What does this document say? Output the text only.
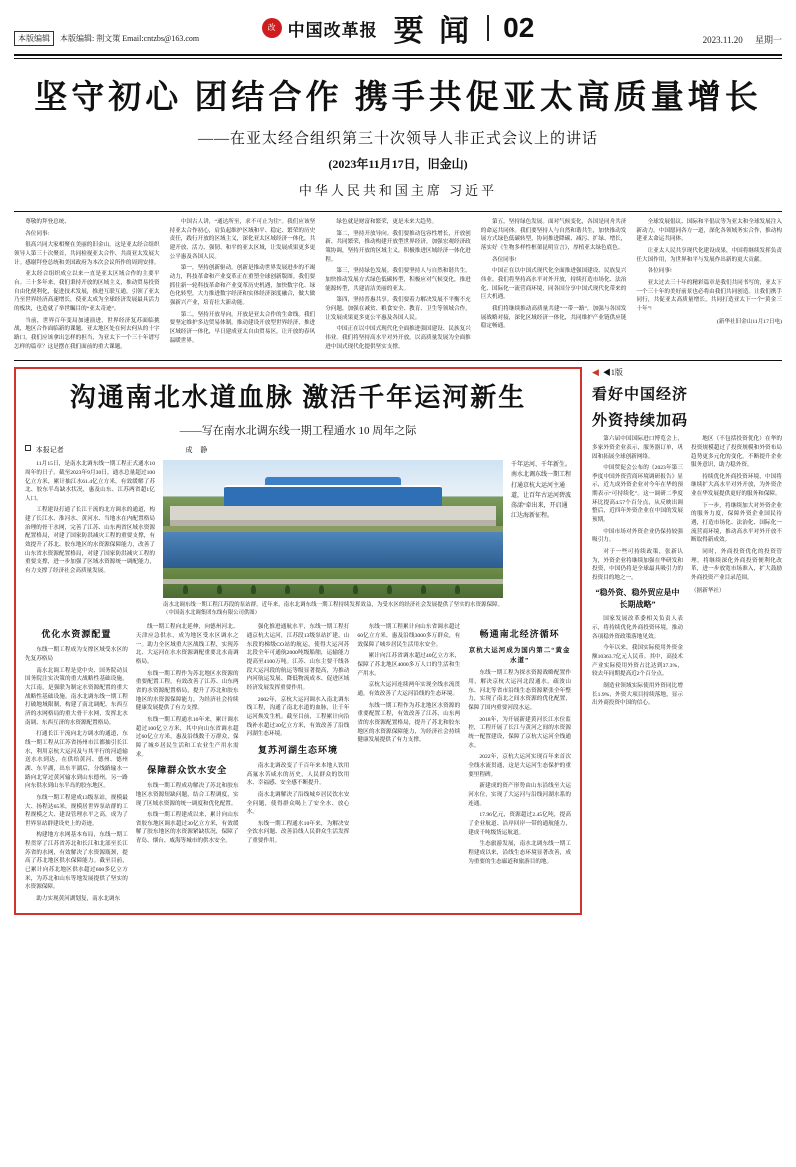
本版编辑 本版编辑: 荆文策 Email:cntzbs@163.com
改 中国改革报 要 闻 02	2023.11.20 星期一
坚守初心 团结合作 携手共促亚太高质量增长
——在亚太经合组织第三十次领导人非正式会议上的讲话
(2023年11月17日，旧金山)
中华人民共和国主席 习近平

尊敬的拜登总统、

各位同事:

很高兴同大家相聚在美丽的旧金山。这是亚太经合组织领导人第三十次聚首，共同检视亚太合作、共商亚太发展大计。感谢拜登总统和美国政府为本次会议所作的周到安排。

亚太经合组织成立以来一直是亚太区域合作的主要平台。三十多年来，我们秉持开放的区域主义，推动贸易投资自由化便利化，促进技术发展，推进互联互通，引领了亚太乃至世界经济高速增长，使亚太成为全球经济发展最具活力的板块，也造就了举世瞩目的“亚太奇迹”。

当前，世界百年变局加速演进，世界经济复苏面临挑战，地区合作面临新的课题。亚太地区处在何去何从的十字路口。我们应该拿出怎样的担当，为亚太下一个三十年谱写怎样的篇章？这是摆在我们面前的重大课题。

中国古人讲，“通达所至，求不可止为往”。我们应该坚持亚太合作初心，肩负起维护区域和平、稳定、繁荣的历史责任，践行开放的区域主义，深化亚太区域经济一体化，共建开放、活力、强韧、和平的亚太区域，让发展成果更多更公平惠及各国人民。

第一，坚持创新驱动。创新是推动世界发展进步的不竭动力，科技革命和产业变革正在重塑全球创新版图。我们要抓住新一轮科技革命和产业变革历史机遇，加快数字化、绿色化转型，大力推进数字经济和实体经济深度融合，做大做强新兴产业，培育壮大新动能。

第二，坚持开放导向。开放是亚太合作的生命线。我们要坚定维护多边贸易体制，推动建设开放型世界经济，推进区域经济一体化，早日建成亚太自由贸易区，让开放的春风温暖世界。

绿色就是财富和繁荣，更是未来大趋势。

第二，坚持开放导向。我们要推动包容性增长，开放创新、共同繁荣，推动构建开放型世界经济，加强宏观经济政策协调，坚持开放的区域主义，积极推进区域经济一体化进程。

第三，坚持绿色发展。我们要坚持人与自然和谐共生，加快推动发展方式绿色低碳转型，积极应对气候变化，推进能源转型，共建清洁美丽的亚太。

第四，坚持普惠共享。我们要着力解决发展不平衡不充分问题，加强在减贫、粮食安全、教育、卫生等领域合作，让发展成果更多更公平惠及各国人民。

中国正在以中国式现代化全面推进强国建设、民族复兴伟业。我们将坚持高水平对外开放，以高质量发展为全面推进中国式现代化提供坚实支撑。

第五，坚持绿色发展。面对气候变化，各国是同舟共济的命运共同体。我们要坚持人与自然和谐共生，加快推动发展方式绿色低碳转型，协同推进降碳、减污、扩绿、增长，落实好《生物多样性框架昆明宣言》，厚植亚太绿色底色。

各位同事!

中国正在以中国式现代化全面推进强国建设、民族复兴伟业。我们将坚持高水平对外开放，持续打造市场化、法治化、国际化一流营商环境，同各国分享中国式现代化带来的巨大机遇。

我们将继续推动高质量共建“一带一路”，加强与各国发展战略对接，深化区域经济一体化，共同维护产业链供应链稳定畅通。

全球发展倡议、国际和平倡议等为亚太和全球发展注入新动力。中国愿同各方一道，深化各领域务实合作，推动构建亚太命运共同体。

让亚太人民共享现代化建设成果，中国将继续发挥负责任大国作用，为世界和平与发展作出新的更大贡献。

各位同事!

亚太过去三十年的精彩篇章是我们共同书写的，亚太下一个三十年的美好前景也必将由我们共同创造。让我们携手同行，共促亚太高质量增长，共同打造亚太下一个“黄金三十年”!

(新华社旧金山11月17日电)
沟通南北水道血脉 激活千年运河新生
——写在南水北调东线一期工程通水 10 周年之际
本报记者	成 静

11月15日，是南水北调东线一期工程正式通水10周年的日子。截至2023年9月30日，通水总量超过100亿立方米，累计抽江水61.4亿立方米，有效缓解了苏北、胶东半岛缺水状况，惠及山东、江苏两省超1亿人口。

工程建设打通了长江干流的北方调水的通道，构建了长江水、淮河水、黄河水、当地水在内配置格局治理的骨干水网，完善了江苏、山东两省区域水资源配置格局，对建了国家防洪减灾工程的重要支撑，有效提升了苏北、胶东地区的水资源保障能力，改善了山东省水资源配置格局，对建了国家防洪减灾工程的重要支撑，进一步加强了区域水资源统一调配能力，有力支撑了经济社会高质量发展。

南水北调东线一期工程江苏段的泵站群。近年来，南水北调东线一期工程持续发挥效益，为受水区的经济社会发展提供了坚实的水资源保障。（中国南水北调集团东线有限公司供图）

千年运河、千年新生。南水北调东线一期工程打通京杭大运河主通道，让百年古运河碧波荡漾“牵出来，开启通江达海新征程。

优化水资源配置

东线一期工程成为支撑区域受水区的先复苏格局

南水北调工程是党中央、国务院动员国务院注实决策的重大战略性基础设施。大江南，是强联为制定水资源配置的重大战略性基础设施。南水北调东线一期工程打破地域限制，构建了南北调配、东西互济的水网格局的重大骨干水网，发挥北水南调、东西互济的水资源配置格局。

打通长江干流向北方调水的通道，东线一期工程从江苏省扬州市江都抽引长江水，利用京杭大运河及与其平行的河道输送水水到达，在供给黄河、德州、德州湖、东平湖，出东平湖后，分线路输水一路向北穿过黄河输水到山东德州，另一路向东供水到山东半岛的胶东地区。

东线一期工程建成13级泵站，规模最大、扬程达65米，规模居世界泵站群的工程规模之大、建设管理水平之高，成为了世界泵站群建设史上的奇迹。

构建地方水网基本布局，东线一期工程贯穿了江苏省苏北和长江和北部至长江苏省的水网，有效解决了水资源瓶颈，提高了苏北地区供水保障能力。截至目前，已累计向苏北地区供水超过600多亿立方米，为苏北和山东等地发展提供了坚实的水资源保障。

助力实现黄河湖划复，南水北调东

线一期工程向北延伸，向德州河北、天津应急供水，成为地区受水区调水之一。助力全区域重大区战线工程，实现苏北、大运河在水水资源调配重要北水南调格局。

东线一期工程作为苏北地区水资源的重要配置工程，有效改善了江苏、山东两省的水资源配置格局，提升了苏北和胶东地区的水资源保障能力，为经济社会持续健康发展提供了有力支撑。

东线一期工程通水10年来，累计调水超过100亿立方米，其中向山东省调水超过60亿立方米，惠及沿线数千万群众，保障了城乡居民生活和工农业生产用水需求。

保障群众饮水安全

东线一期工程成功解决了苏北和胶东地区水资源短缺问题，结合工程调度，实现了区域水资源的统一调度和优化配置。

东线一期工程建成以来，累计向山东省胶东地区调水超过30亿立方米，有效缓解了胶东地区的水资源紧缺状况，保障了青岛、烟台、威海等城市的供水安全。

强化推进通航水平，东线一期工程打通京杭大运河，江苏段13级泵站扩建，山东段的梯级CO站的航运，使得大运河苏北段全年可通航2000吨级船舶，运输能力提高至4100万吨。江苏、山东主要干线各段大运河段的航运等级显著提高，为推动内河航运发展、降低物流成本、促进区域经济发展发挥重要作用。

2002年，京杭大运河调水入南北调东线工程，沟通了南北水道的血脉，让千年运河焕发生机。截至目前，工程累计向沿线补水超过30亿立方米，有效改善了沿线河湖生态环境。

复苏河湖生态环境

南水北调改变了千百年来本地人饮用高氟水苦咸水的历史，人民群众的饮用水、幸福感、安全感不断提升。

南水北调解决了沿线城乡居民饮水安全问题，使得群众喝上了安全水、放心水。

东线一期工程通水10年来，为解决安全饮水问题、改善沿线人民群众生活发挥了重要作用。

东线一期工程累计向山东省调水超过60亿立方米，惠及沿线3000多万群众，有效保障了城乡居民生活用水安全。

累计向江苏省调水超过40亿立方米，保障了苏北地区4000多万人口的生活和生产用水。

京杭大运河连续两年实现全线水流贯通，有效改善了大运河沿线的生态环境。

东线一期工程作为苏北地区水资源的重要配置工程，有效改善了江苏、山东两省的水资源配置格局，提升了苏北和胶东地区的水资源保障能力，为经济社会持续健康发展提供了有力支撑。

畅通南北经济循环

京杭大运河成为国内第二“黄金水道”

东线一期工程为探水资源战略配置作用，解决京杭大运河北段通水，疏浚山东、河北等省市沿线生态资源紧张全年整力，实现了南北之间水资源的优化配置，保障了国内重要河段水运。

2018年，为开展新建黄河长江水位监控，工程开展了长江与黄河之间的水资源统一配置建设，保障了京杭大运河全线通水。

2022年，京杭大运河实现百年来首次全线水流贯通，这是大运河生态保护的重要里程碑。

新建成的资产形势由山东沿线至大运河水位，实现了大运河与沿线河湖水系的连通。

17.96亿元，资源超过2.45亿吨，提高了企业航道、沿岸回岸一带的通航能力，建成千吨级货运航道。

生态旅游发展，南水北调东线一期工程建成以来，沿线生态环境显著改善，成为重要的生态廊道和旅游目的地。

◀ ◀1版
看好中国经济
外资持续加码

第六届中国国际进口博览会上，多家外资企业表示，服务器订单，巩固和拓展全球创新网络。

中国贸促会公布的《2023年第三季度中国外资营商环境调研报告》显示，近九成外资企业对今年在华的预期表示“可持续化”。这一调研二季度环比提高4.57个百分点，从反映出调整后，近四年外资企业在中国的发展预期。

中国市场对外资企业仍保持较强吸引力。

对于一些可持续政策，张新认为，外资企业将继续加强在华研发和投资，中国仍将是全球最具吸引力的投资目的地之一。

“稳外资、稳外贸应是中长期战略”

国家发展改革委相关负责人表示，将持续优化外商投资环境，推动各项稳外资政策落地见效。

今年以来，我国实际使用外资金额10363.7亿元人民币。其中，高技术产业实际使用外资占比达到37.3%，较去年同期提高近2个百分点。

制造业领域实际使用外资同比增长1.9%，外资大项目持续落地，显示出外商投资中国的信心。

地区（不包括投资优化）在华的投资规模超过了投资规模和外资布局趋势更多元化的变化。不断提升企业服务意识，助力稳外资。

持续优化外商投资环境，中国将继续扩大高水平对外开放，为外资企业在华发展提供更好的服务和保障。

下一步，将继续加大对外资企业的服务力度，保障外资企业国民待遇，打造市场化、法治化、国际化一流营商环境，推动高水平对外开放不断取得新成效。

同时，外商投资优化的投资管理，将继续深化外商投资便利化改革，进一步放宽市场准入，扩大鼓励外商投资产业目录范围。

（据新华社）
